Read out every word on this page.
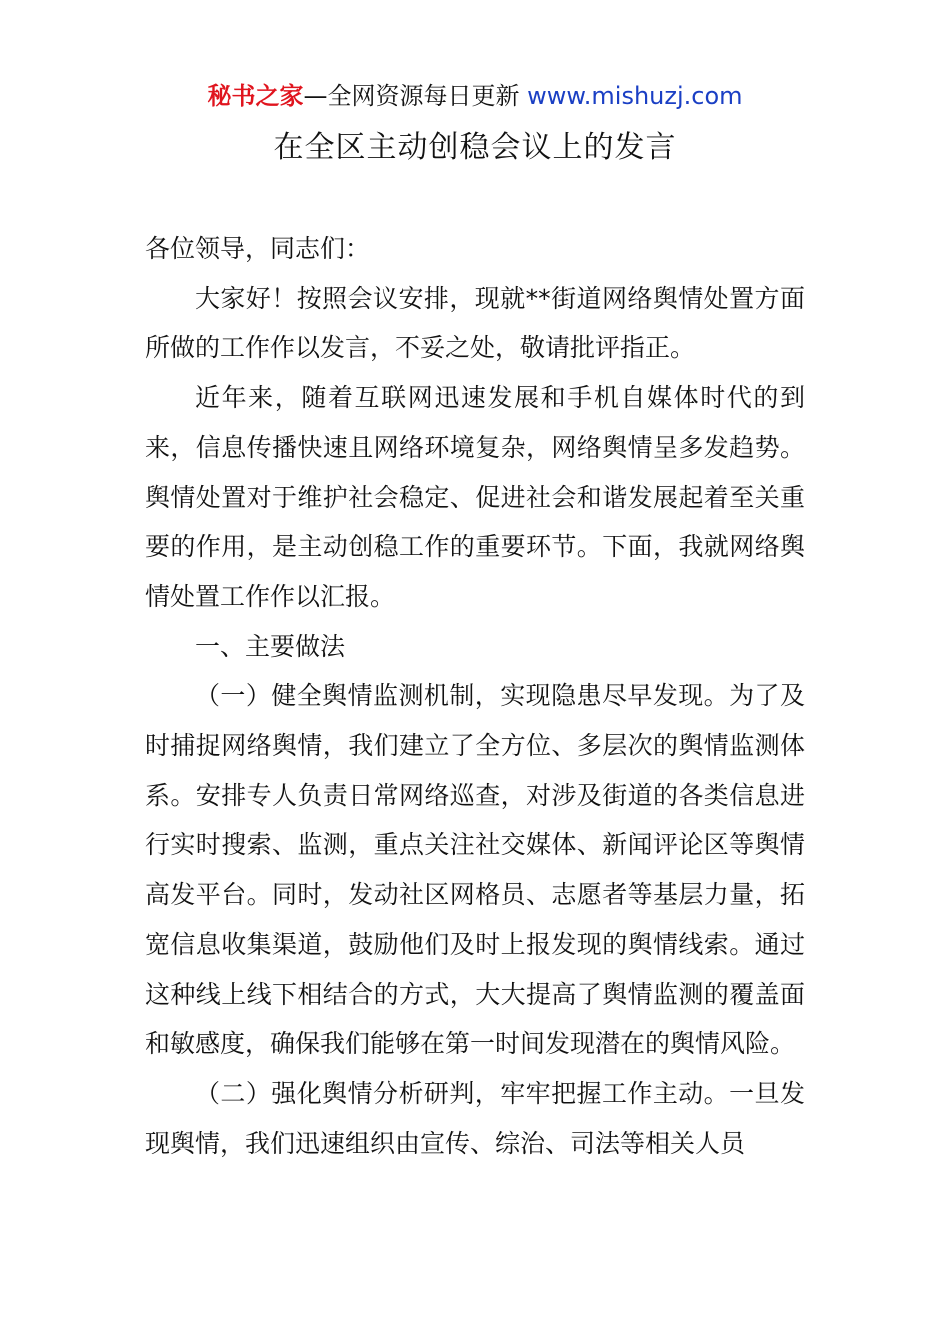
秘书之家—全网资源每日更新 www.mishuzj.com
在全区主动创稳会议上的发言

各位领导，同志们：

大家好！按照会议安排，现就**街道网络舆情处置方面所做的工作作以发言，不妥之处，敬请批评指正。

近年来，随着互联网迅速发展和手机自媒体时代的到来，信息传播快速且网络环境复杂，网络舆情呈多发趋势。舆情处置对于维护社会稳定、促进社会和谐发展起着至关重要的作用，是主动创稳工作的重要环节。下面，我就网络舆情处置工作作以汇报。

一、主要做法

（一）健全舆情监测机制，实现隐患尽早发现。为了及时捕捉网络舆情，我们建立了全方位、多层次的舆情监测体系。安排专人负责日常网络巡查，对涉及街道的各类信息进行实时搜索、监测，重点关注社交媒体、新闻评论区等舆情高发平台。同时，发动社区网格员、志愿者等基层力量，拓宽信息收集渠道，鼓励他们及时上报发现的舆情线索。通过这种线上线下相结合的方式，大大提高了舆情监测的覆盖面和敏感度，确保我们能够在第一时间发现潜在的舆情风险。

（二）强化舆情分析研判，牢牢把握工作主动。一旦发现舆情，我们迅速组织由宣传、综治、司法等相关人员
